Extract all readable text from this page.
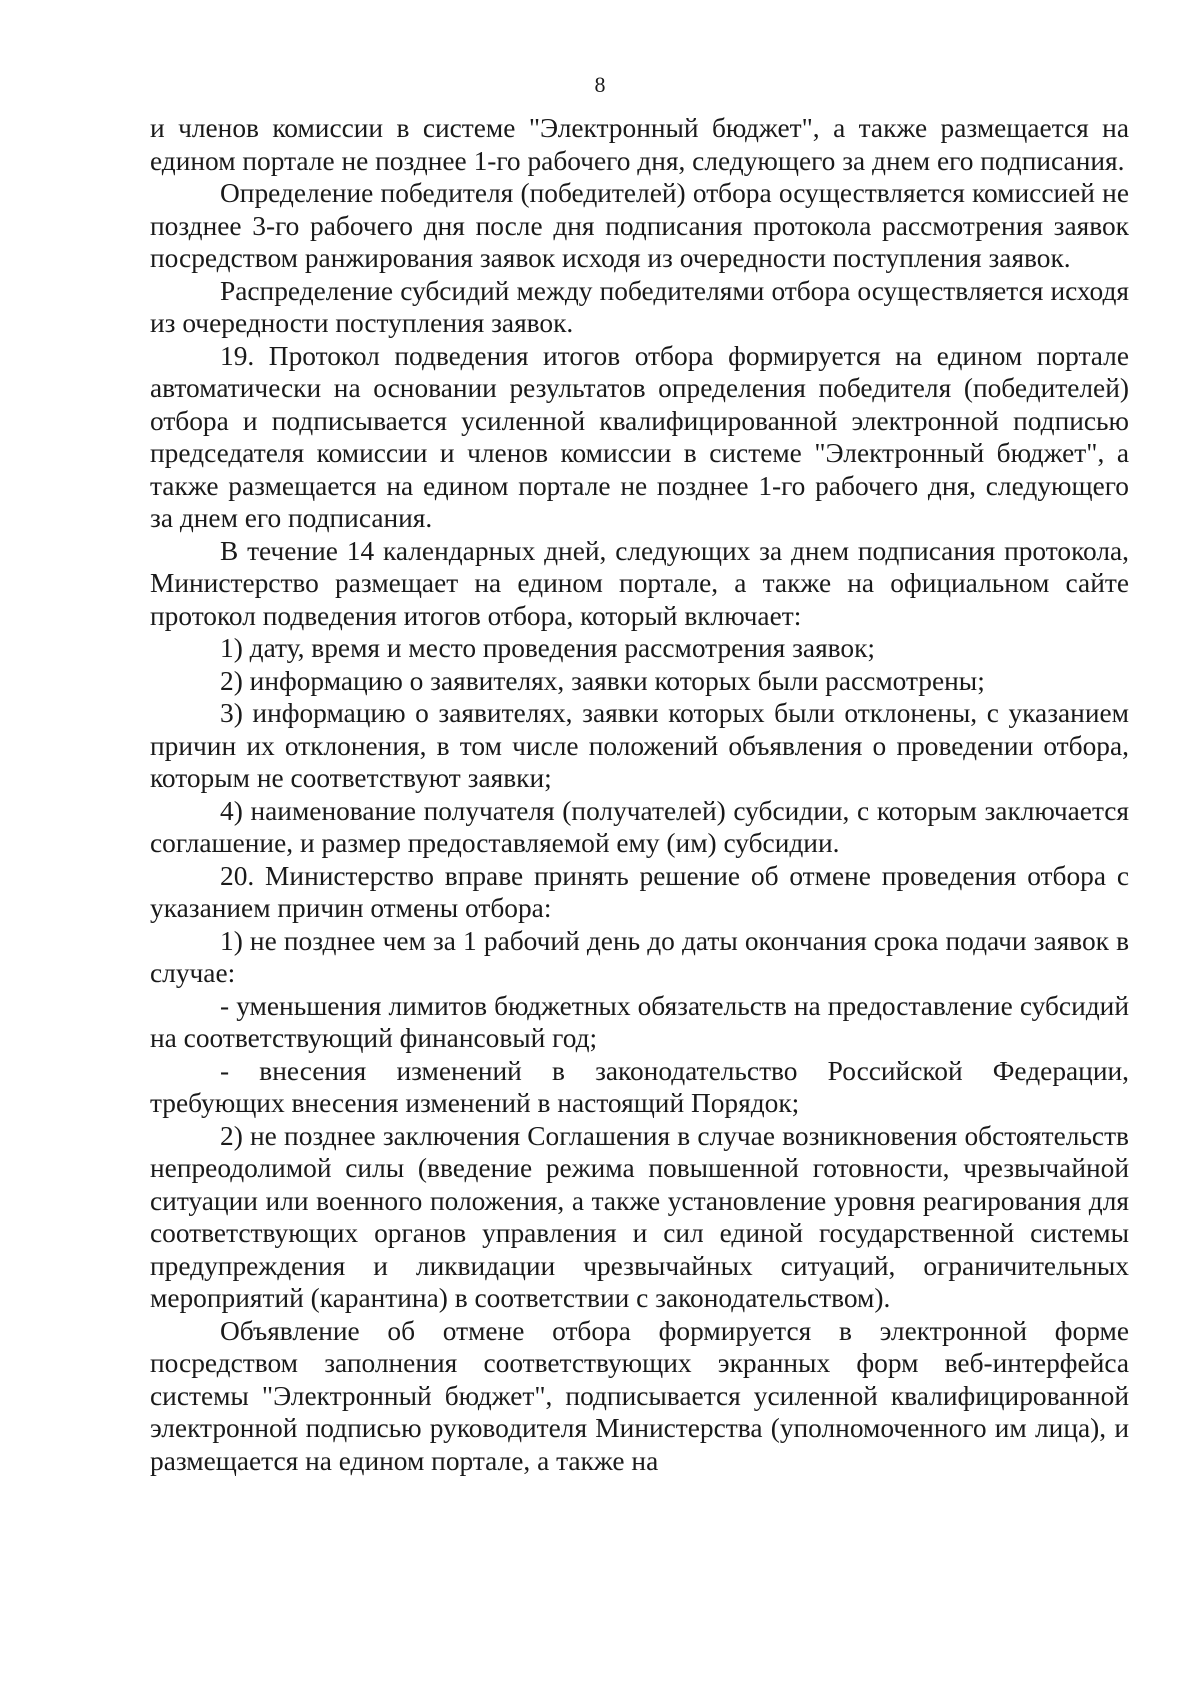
8

и членов комиссии в системе "Электронный бюджет", а также размещается на едином портале не позднее 1-го рабочего дня, следующего за днем его подписания.

Определение победителя (победителей) отбора осуществляется комиссией не позднее 3-го рабочего дня после дня подписания протокола рассмотрения заявок посредством ранжирования заявок исходя из очередности поступления заявок.

Распределение субсидий между победителями отбора осуществляется исходя из очередности поступления заявок.

19. Протокол подведения итогов отбора формируется на едином портале автоматически на основании результатов определения победителя (победителей) отбора и подписывается усиленной квалифицированной электронной подписью председателя комиссии и членов комиссии в системе "Электронный бюджет", а также размещается на едином портале не позднее 1-го рабочего дня, следующего за днем его подписания.

В течение 14 календарных дней, следующих за днем подписания протокола, Министерство размещает на едином портале, а также на официальном сайте протокол подведения итогов отбора, который включает:

1) дату, время и место проведения рассмотрения заявок;

2) информацию о заявителях, заявки которых были рассмотрены;

3) информацию о заявителях, заявки которых были отклонены, с указанием причин их отклонения, в том числе положений объявления о проведении отбора, которым не соответствуют заявки;

4) наименование получателя (получателей) субсидии, с которым заключается соглашение, и размер предоставляемой ему (им) субсидии.

20. Министерство вправе принять решение об отмене проведения отбора с указанием причин отмены отбора:

1) не позднее чем за 1 рабочий день до даты окончания срока подачи заявок в случае:

- уменьшения лимитов бюджетных обязательств на предоставление субсидий на соответствующий финансовый год;

- внесения изменений в законодательство Российской Федерации, требующих внесения изменений в настоящий Порядок;

2) не позднее заключения Соглашения в случае возникновения обстоятельств непреодолимой силы (введение режима повышенной готовности, чрезвычайной ситуации или военного положения, а также установление уровня реагирования для соответствующих органов управления и сил единой государственной системы предупреждения и ликвидации чрезвычайных ситуаций, ограничительных мероприятий (карантина) в соответствии с законодательством).

Объявление об отмене отбора формируется в электронной форме посредством заполнения соответствующих экранных форм веб-интерфейса системы "Электронный бюджет", подписывается усиленной квалифицированной электронной подписью руководителя Министерства (уполномоченного им лица), и размещается на едином портале, а также на
